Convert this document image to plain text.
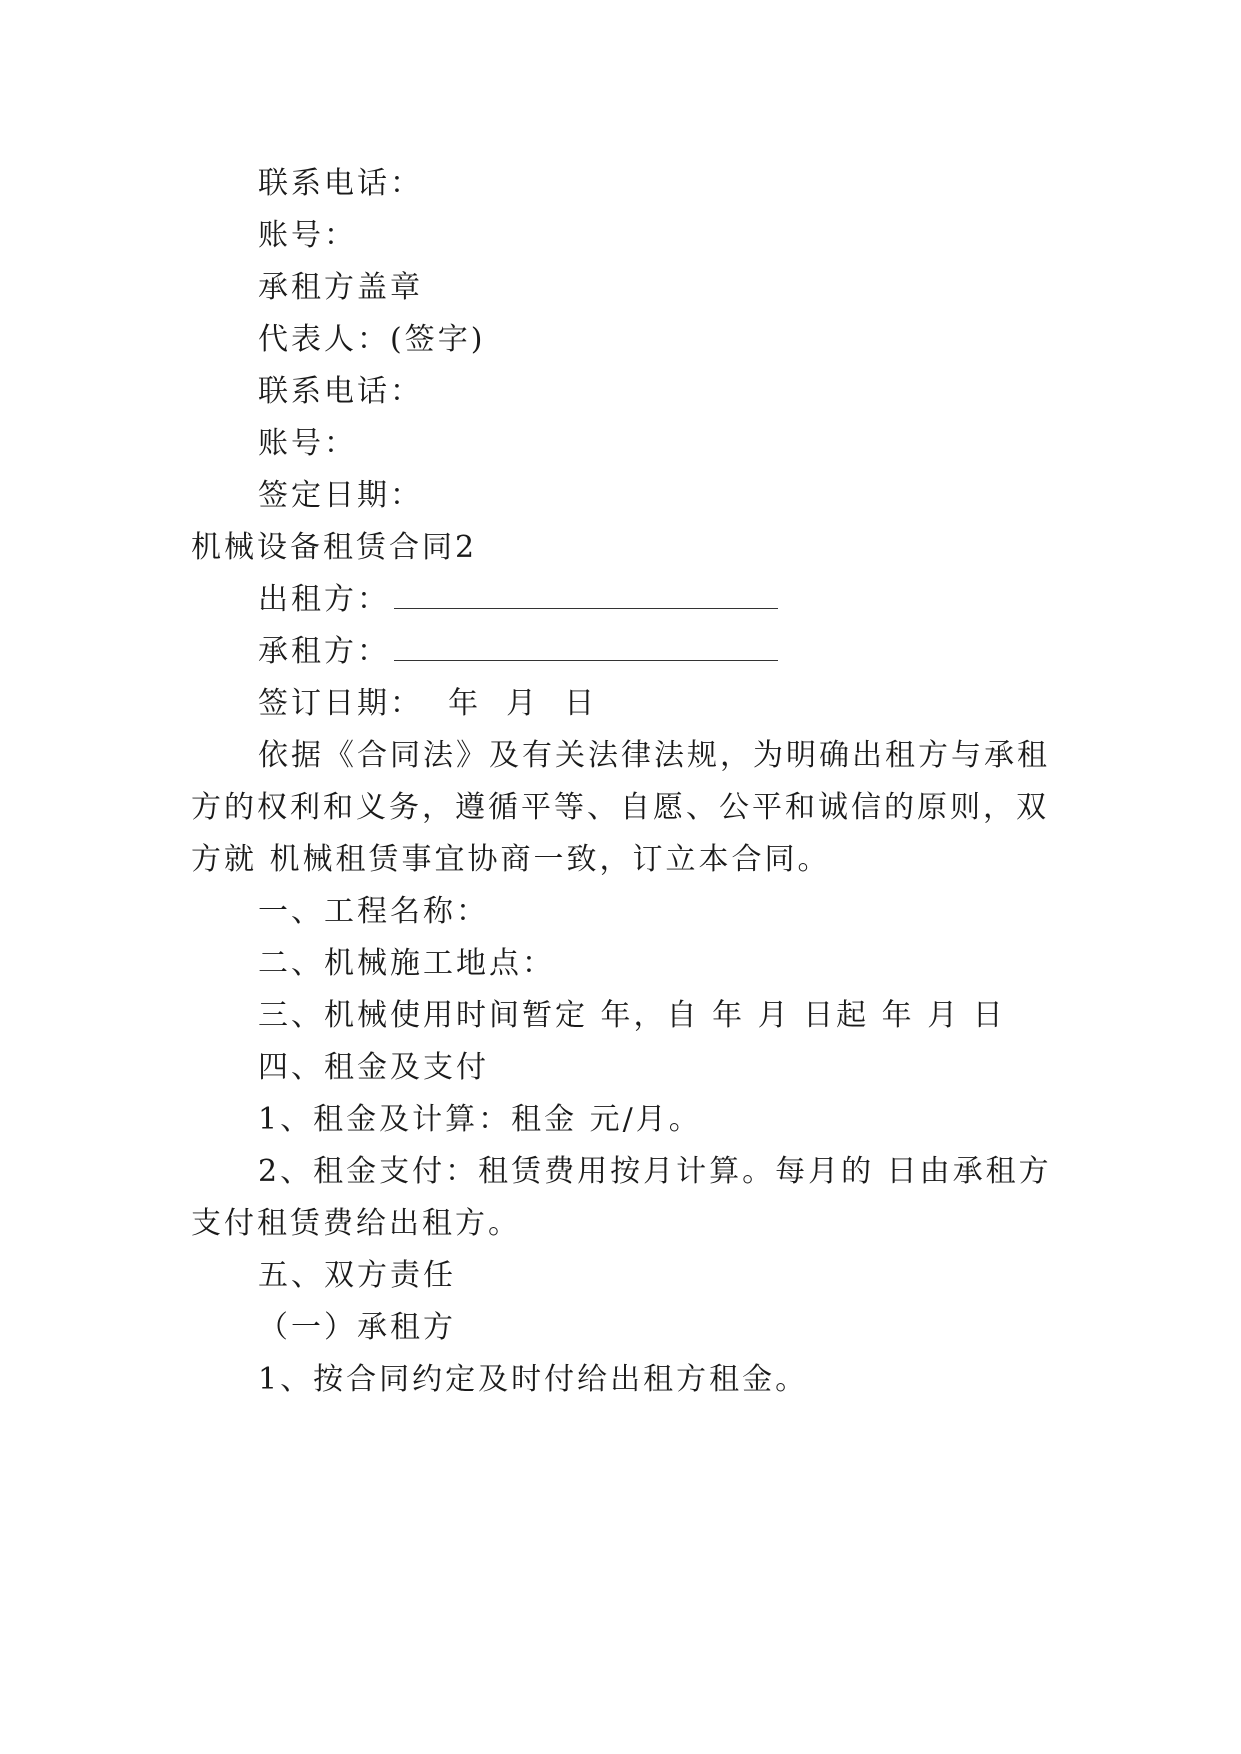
联系电话：
账号：
承租方盖章
代表人：(签字)
联系电话：
账号：
签定日期：
机械设备租赁合同2
出租方：
承租方：
签订日期：  年  月  日
依据《合同法》及有关法律法规，为明确出租方与承租
方的权利和义务，遵循平等、自愿、公平和诚信的原则，双
方就 机械租赁事宜协商一致，订立本合同。
一、工程名称：
二、机械施工地点：
三、机械使用时间暂定 年，自 年 月 日起 年 月 日
四、租金及支付
1、租金及计算：租金 元/月。
2、租金支付：租赁费用按月计算。每月的 日由承租方
支付租赁费给出租方。
五、双方责任
（一）承租方
1、按合同约定及时付给出租方租金。
